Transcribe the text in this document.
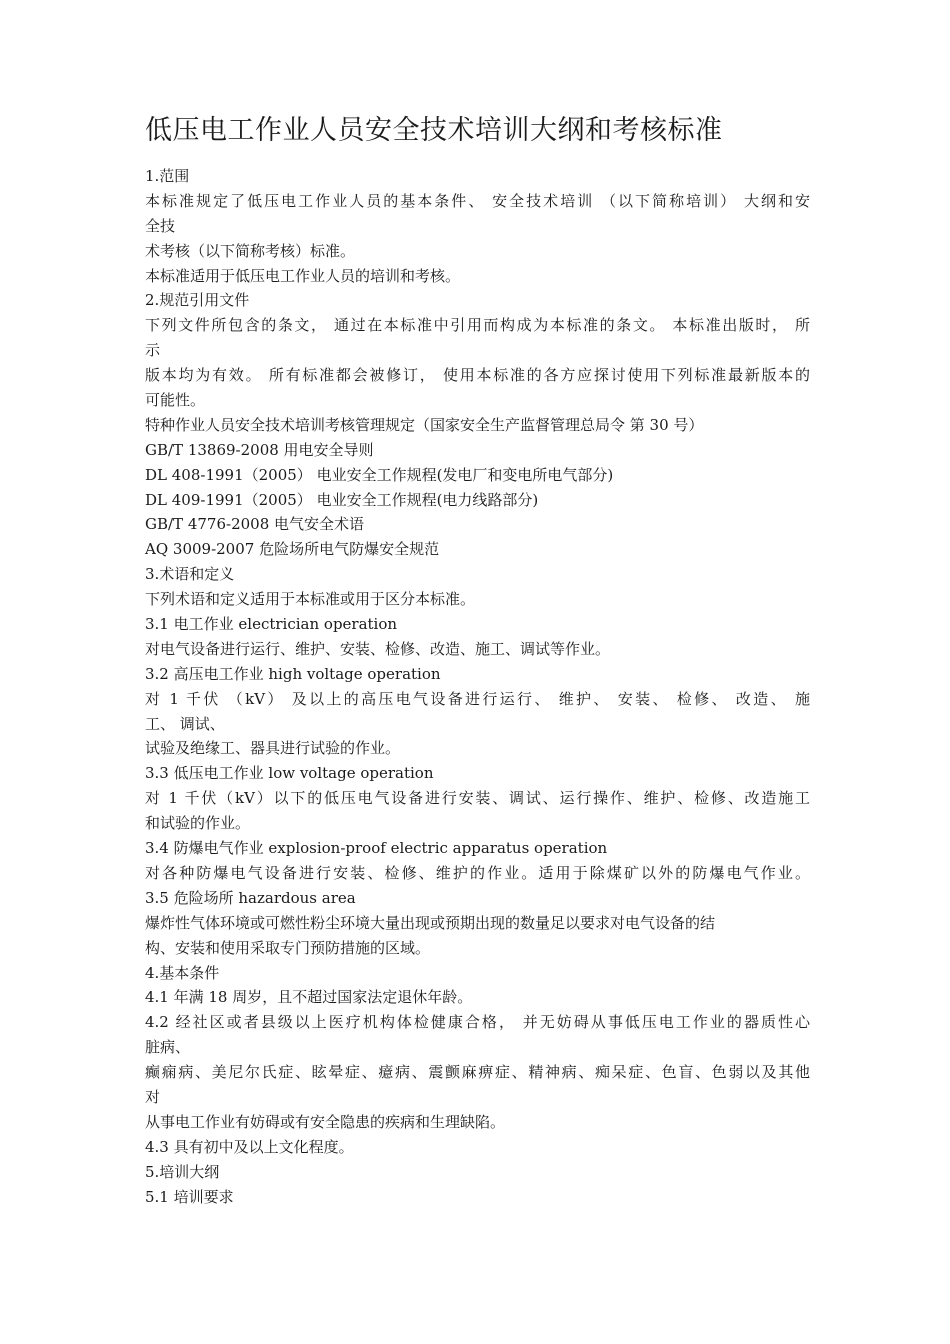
低压电工作业人员安全技术培训大纲和考核标准
1.范围
本标准规定了低压电工作业人员的基本条件、 安全技术培训 （以下简称培训） 大纲和安
全技
术考核（以下简称考核）标准。
本标准适用于低压电工作业人员的培训和考核。
2.规范引用文件
下列文件所包含的条文， 通过在本标准中引用而构成为本标准的条文。 本标准出版时， 所
示
版本均为有效。 所有标准都会被修订， 使用本标准的各方应探讨使用下列标准最新版本的
可能性。
特种作业人员安全技术培训考核管理规定（国家安全生产监督管理总局令 第 30 号）
GB/T 13869-2008 用电安全导则
DL 408-1991（2005） 电业安全工作规程(发电厂和变电所电气部分)
DL 409-1991（2005） 电业安全工作规程(电力线路部分)
GB/T 4776-2008 电气安全术语
AQ 3009-2007 危险场所电气防爆安全规范
3.术语和定义
下列术语和定义适用于本标准或用于区分本标准。
3.1 电工作业 electrician operation
对电气设备进行运行、维护、安装、检修、改造、施工、调试等作业。
3.2 高压电工作业 high voltage operation
对 1 千伏 （kV） 及以上的高压电气设备进行运行、 维护、 安装、 检修、 改造、 施
工、 调试、
试验及绝缘工、器具进行试验的作业。
3.3 低压电工作业 low voltage operation
对 1 千伏（kV）以下的低压电气设备进行安装、调试、运行操作、维护、检修、改造施工
和试验的作业。
3.4 防爆电气作业 explosion-proof electric apparatus operation
对各种防爆电气设备进行安装、检修、维护的作业。适用于除煤矿以外的防爆电气作业。
3.5 危险场所 hazardous area
爆炸性气体环境或可燃性粉尘环境大量出现或预期出现的数量足以要求对电气设备的结
构、安装和使用采取专门预防措施的区域。
4.基本条件
4.1 年满 18 周岁，且不超过国家法定退休年龄。
4.2 经社区或者县级以上医疗机构体检健康合格， 并无妨碍从事低压电工作业的器质性心
脏病、
癫痫病、美尼尔氏症、眩晕症、癔病、震颤麻痹症、精神病、痴呆症、色盲、色弱以及其他
对
从事电工作业有妨碍或有安全隐患的疾病和生理缺陷。
4.3 具有初中及以上文化程度。
5.培训大纲
5.1 培训要求
